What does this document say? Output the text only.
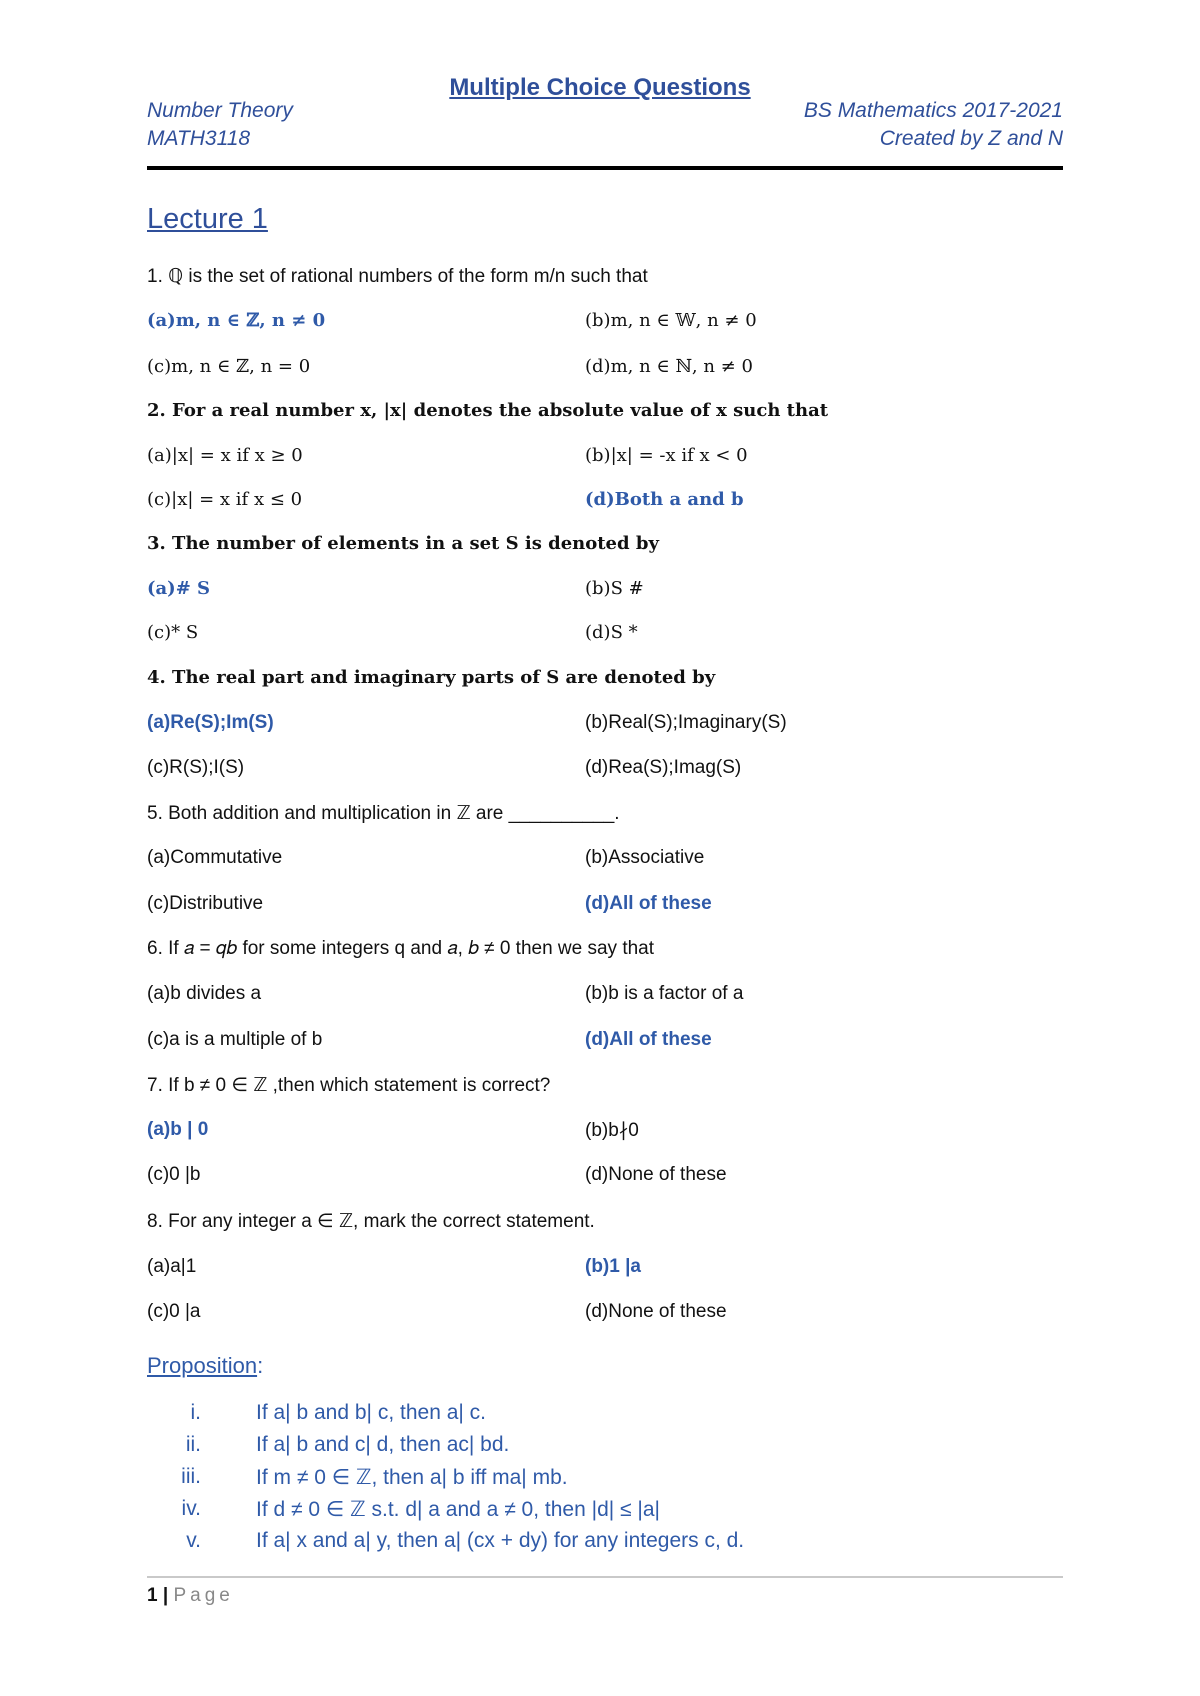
Multiple Choice Questions
Number Theory
MATH3118
BS Mathematics 2017-2021
Created by Z and N
Lecture 1
1. ℚ is the set of rational numbers of the form m/n such that
(a)m, n ∈ ℤ, n ≠ 0	(b)m, n ∈ 𝕎, n ≠ 0
(c)m, n ∈ ℤ, n = 0	(d)m, n ∈ ℕ, n ≠ 0
2. For a real number x, |x| denotes the absolute value of x such that
(a)|x| = x if x ≥ 0	(b)|x| = -x if x < 0
(c)|x| = x if x ≤ 0	(d)Both a and b
3. The number of elements in a set S is denoted by
(a)# S	(b)S #
(c)* S	(d)S *
4. The real part and imaginary parts of S are denoted by
(a)Re(S);Im(S)	(b)Real(S);Imaginary(S)
(c)R(S);I(S)	(d)Rea(S);Imag(S)
5. Both addition and multiplication in ℤ are __________.
(a)Commutative	(b)Associative
(c)Distributive	(d)All of these
6. If 𝑎 = 𝑞𝑏 for some integers q and 𝑎, 𝑏 ≠ 0 then we say that
(a)b divides a	(b)b is a factor of a
(c)a is a multiple of b	(d)All of these
7. If b ≠ 0 ∈ ℤ ,then which statement is correct?
(a)b | 0	(b)b∤0
(c)0 |b	(d)None of these
8. For any integer a ∈ ℤ, mark the correct statement.
(a)a|1	(b)1 |a
(c)0 |a	(d)None of these
Proposition:
i.	If a| b and b| c, then a| c.
ii.	If a| b and c| d, then ac| bd.
iii.	If m ≠ 0 ∈ ℤ, then a| b iff ma| mb.
iv.	If d ≠ 0 ∈ ℤ s.t. d| a and a ≠ 0, then |d| ≤ |a|
v.	If a| x and a| y, then a| (cx + dy) for any integers c, d.
1 | Page
